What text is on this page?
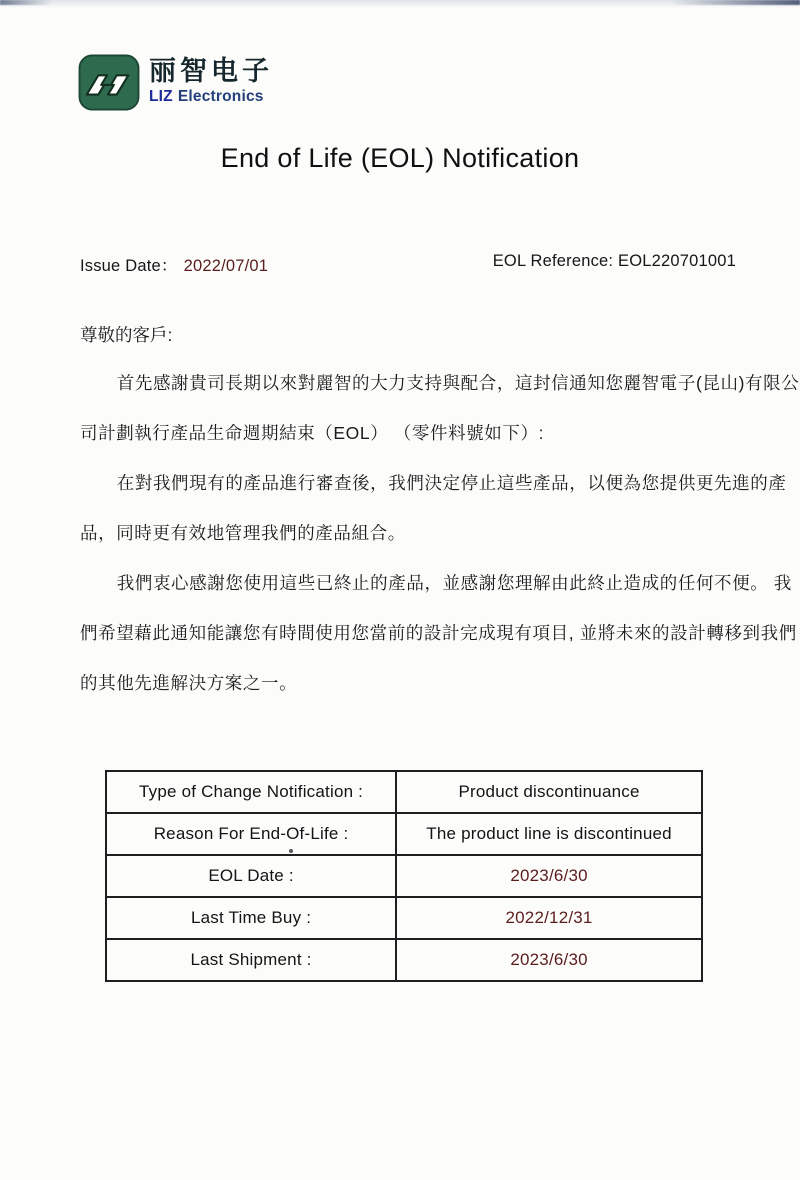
丽智电子
LIZ Electronics
End of Life (EOL) Notification
Issue Date： 2022/07/01	EOL Reference: EOL220701001
尊敬的客戶:

首先感謝貴司長期以來對麗智的大力支持與配合，這封信通知您麗智電子(昆山)有限公
司計劃執行產品生命週期結束（EOL） （零件料號如下）:

在對我們現有的產品進行審查後，我們決定停止這些產品，以便為您提供更先進的產
品，同時更有效地管理我們的產品組合。

我們衷心感謝您使用這些已終止的產品，並感謝您理解由此終止造成的任何不便。 我
們希望藉此通知能讓您有時間使用您當前的設計完成現有項目, 並將未來的設計轉移到我們
的其他先進解決方案之一。

Type of Change Notification :	Product discontinuance
Reason For End-Of-Life :	The product line is discontinued
EOL Date :	2023/6/30
Last Time Buy :	2022/12/31
Last Shipment :	2023/6/30
